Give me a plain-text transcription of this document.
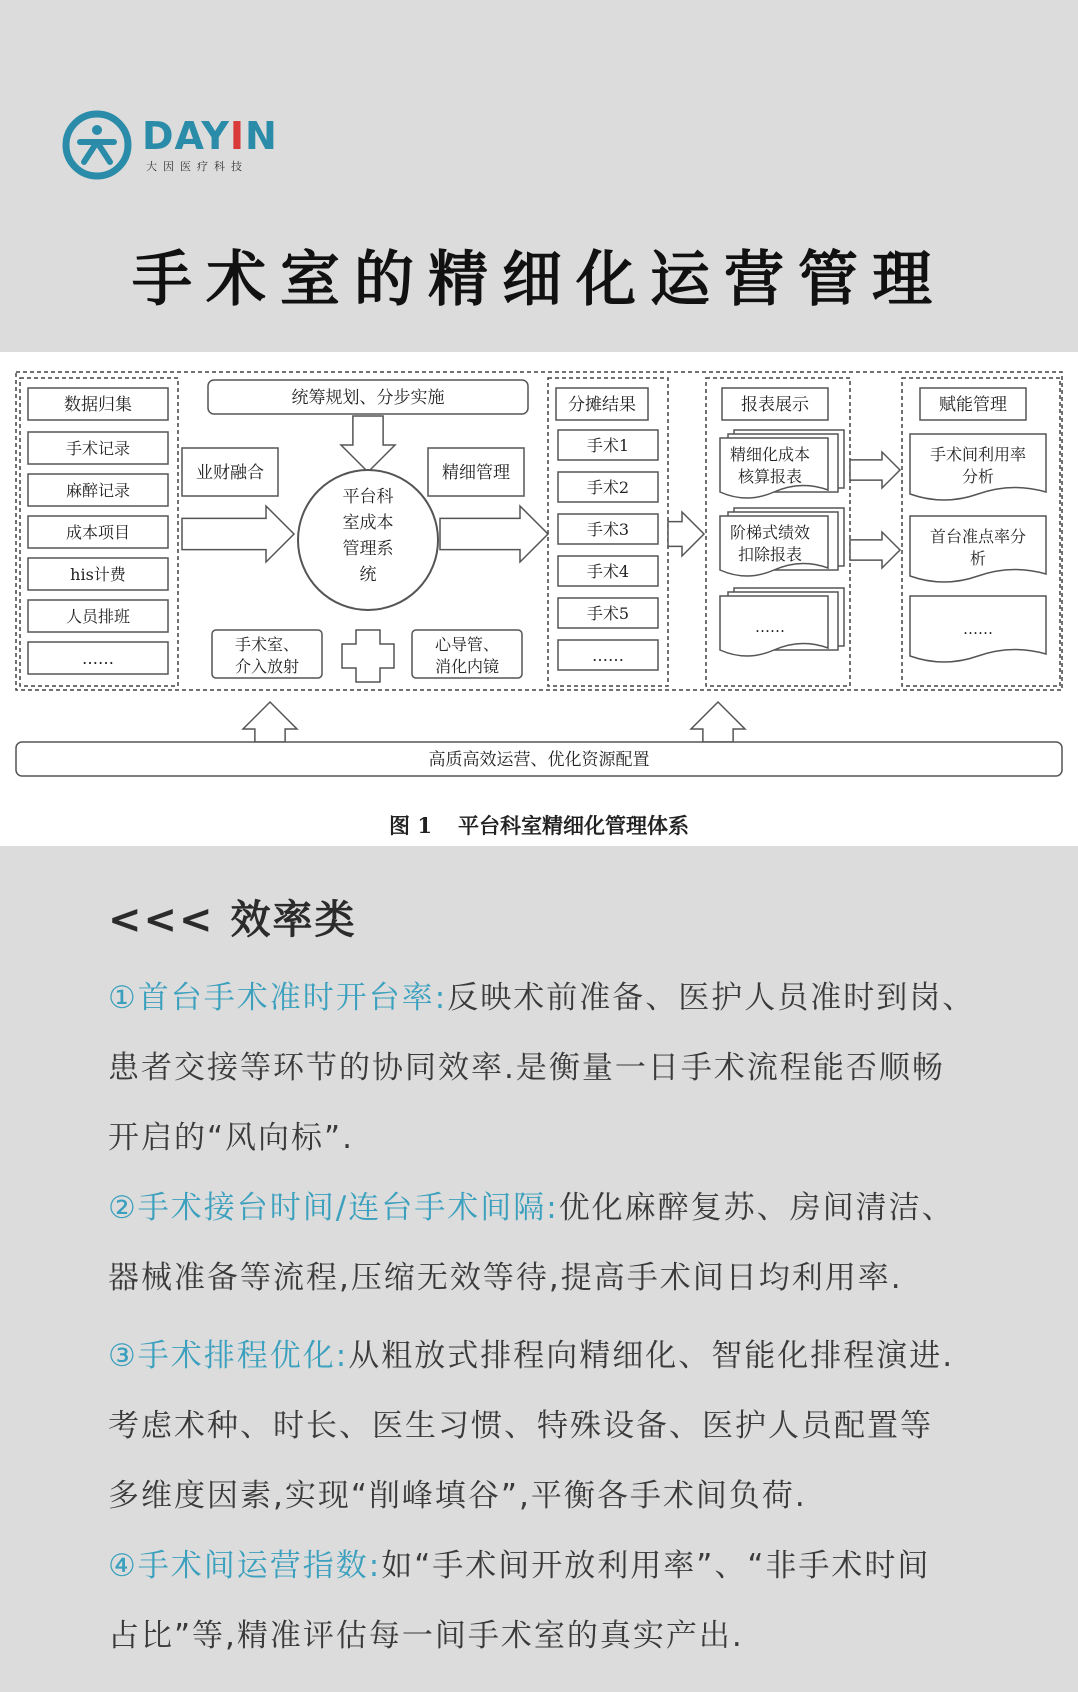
DAYIN
大因医疗科技
手术室的精细化运营管理
数据归集
手术记录
麻醉记录
成本项目
his计费
人员排班
……
统筹规划、分步实施
业财融合
平台科
室成本
管理系
统
精细管理
手术室、
介入放射
心导管、
消化内镜
分摊结果
手术1
手术2
手术3
手术4
手术5
……
报表展示
精细化成本
核算报表
阶梯式绩效
扣除报表
……
赋能管理
手术间利用率
分析
首台准点率分
析
……
高质高效运营、优化资源配置
图 1 平台科室精细化管理体系
<<< 效率类
①首台手术准时开台率:反映术前准备、医护人员准时到岗、
患者交接等环节的协同效率.是衡量一日手术流程能否顺畅
开启的“风向标”.
②手术接台时间/连台手术间隔:优化麻醉复苏、房间清洁、
器械准备等流程,压缩无效等待,提高手术间日均利用率.
③手术排程优化:从粗放式排程向精细化、智能化排程演进.
考虑术种、时长、医生习惯、特殊设备、医护人员配置等
多维度因素,实现“削峰填谷”,平衡各手术间负荷.
④手术间运营指数:如“手术间开放利用率”、“非手术时间
占比”等,精准评估每一间手术室的真实产出.
